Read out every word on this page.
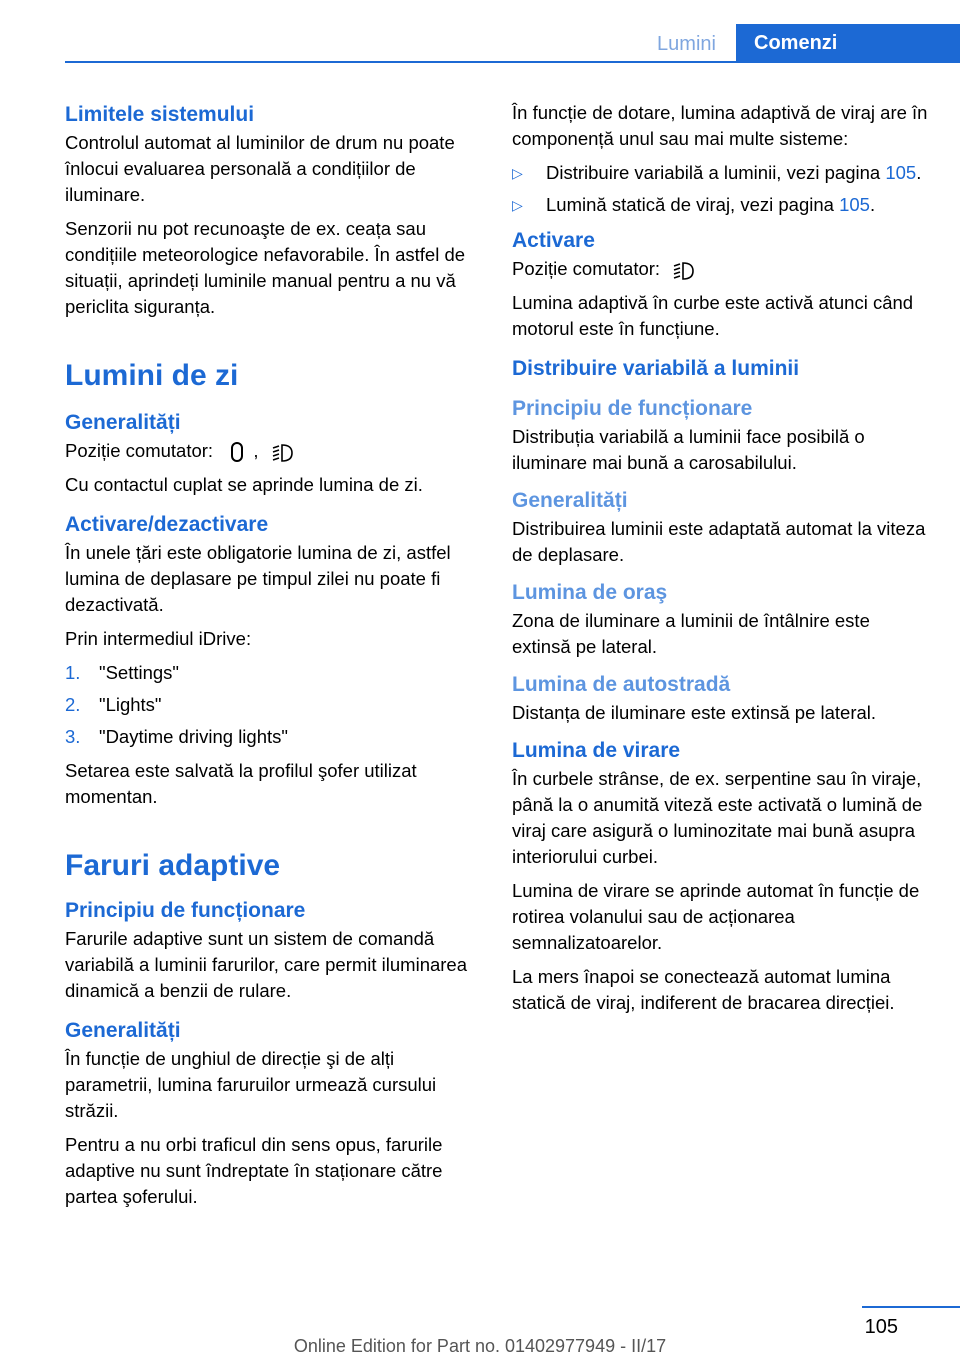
Lumini	Comenzi
Limitele sistemului

Controlul automat al luminilor de drum nu poate înlocui evaluarea personală a condițiilor de iluminare.

Senzorii nu pot recunoaşte de ex. ceața sau condițiile meteorologice nefavorabile. În astfel de situații, aprindeți luminile manual pentru a nu vă periclita siguranța.

Lumini de zi
Generalități

Poziție comutator: ,

Cu contactul cuplat se aprinde lumina de zi.

Activare/dezactivare

În unele țări este obligatorie lumina de zi, astfel lumina de deplasare pe timpul zilei nu poate fi dezactivată.

Prin intermediul iDrive:

1. "Settings"
2. "Lights"
3. "Daytime driving lights"

Setarea este salvată la profilul şofer utilizat momentan.

Faruri adaptive
Principiu de funcționare

Farurile adaptive sunt un sistem de comandă variabilă a luminii farurilor, care permit iluminarea dinamică a benzii de rulare.

Generalități

În funcție de unghiul de direcție şi de alți parametrii, lumina faruruilor urmează cursului străzii.

Pentru a nu orbi traficul din sens opus, farurile adaptive nu sunt îndreptate în staționare către partea şoferului.

În funcție de dotare, lumina adaptivă de viraj are în componență unul sau mai multe sisteme:

▷ Distribuire variabilă a luminii, vezi pagina 105.
▷ Lumină statică de viraj, vezi pagina 105.
Activare

Poziție comutator:

Lumina adaptivă în curbe este activă atunci când motorul este în funcțiune.

Distribuire variabilă a luminii
Principiu de funcționare

Distribuția variabilă a luminii face posibilă o iluminare mai bună a carosabilului.

Generalități

Distribuirea luminii este adaptată automat la viteza de deplasare.

Lumina de oraş

Zona de iluminare a luminii de întâlnire este extinsă pe lateral.

Lumina de autostradă

Distanța de iluminare este extinsă pe lateral.

Lumina de virare

În curbele strânse, de ex. serpentine sau în viraje, până la o anumită viteză este activată o lumină de viraj care asigură o luminozitate mai bună asupra interiorului curbei.

Lumina de virare se aprinde automat în funcție de rotirea volanului sau de acționarea semnalizatoarelor.

La mers înapoi se conectează automat lumina statică de viraj, indiferent de bracarea direcției.

105
Online Edition for Part no. 01402977949 - II/17
